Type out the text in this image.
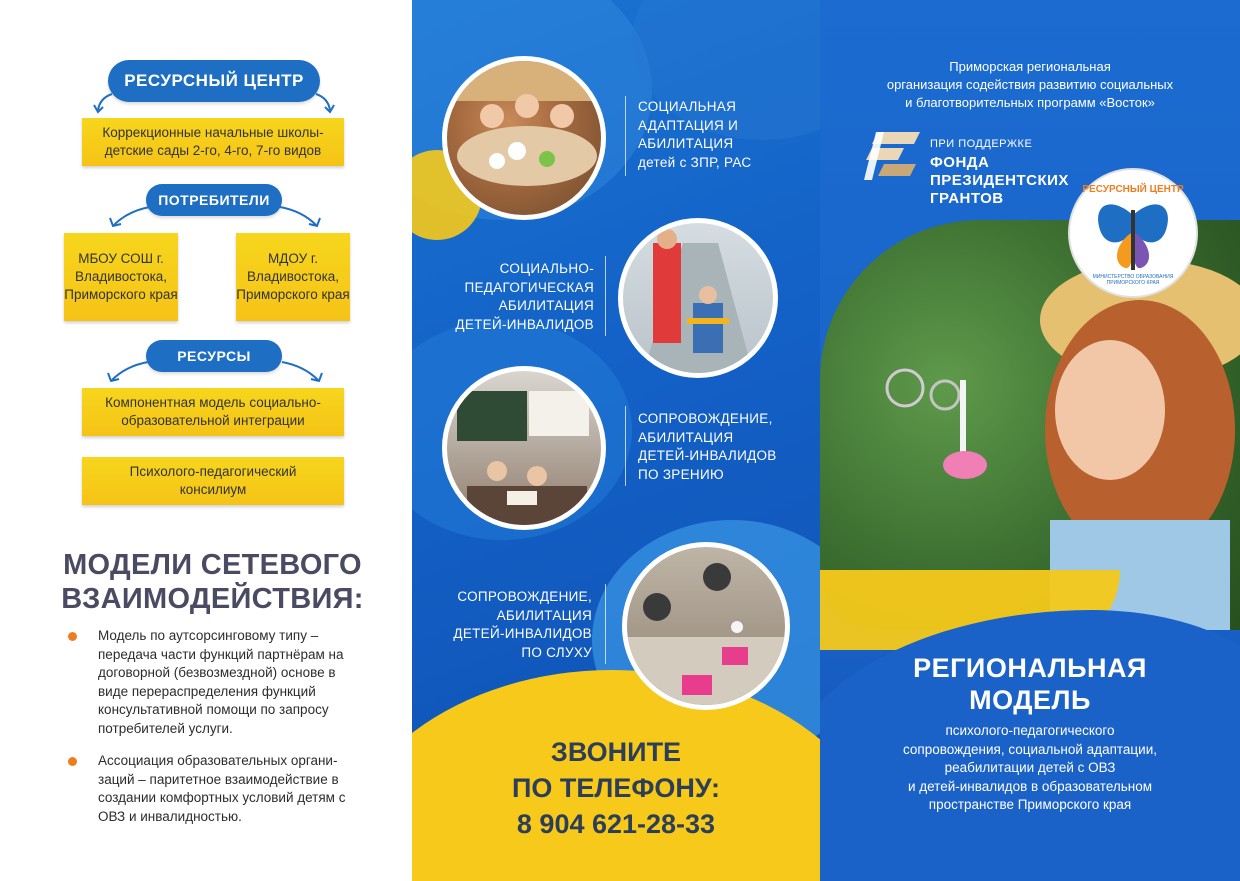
РЕСУРСНЫЙ ЦЕНТР
Коррекционные начальные школы-детские сады 2-го, 4-го, 7-го видов
ПОТРЕБИТЕЛИ
МБОУ СОШ г. Владивостока, Приморского края
МДОУ г. Владивостока, Приморского края
РЕСУРСЫ
Компонентная модель социально-образовательной интеграции
Психолого-педагогический консилиум
МОДЕЛИ СЕТЕВОГО ВЗАИМОДЕЙСТВИЯ:
Модель по аутсорсинговому типу – передача части функций партнёрам на договорной (безвозмездной) основе в виде перераспределения функций консультативной помощи по запросу потребителей услуги.
Ассоциация образовательных органи-заций – паритетное взаимодействие в создании комфортных условий детям с ОВЗ и инвалидностью.
СОЦИАЛЬНАЯ
АДАПТАЦИЯ И
АБИЛИТАЦИЯ
детей с ЗПР, РАС
СОЦИАЛЬНО-
ПЕДАГОГИЧЕСКАЯ
АБИЛИТАЦИЯ
ДЕТЕЙ-ИНВАЛИДОВ
СОПРОВОЖДЕНИЕ,
АБИЛИТАЦИЯ
ДЕТЕЙ-ИНВАЛИДОВ
ПО ЗРЕНИЮ
СОПРОВОЖДЕНИЕ,
АБИЛИТАЦИЯ
ДЕТЕЙ-ИНВАЛИДОВ
ПО СЛУХУ
ЗВОНИТЕ
ПО ТЕЛЕФОНУ:
8 904 621-28-33
Приморская региональная
организация содействия развитию социальных
и благотворительных программ «Восток»
ПРИ ПОДДЕРЖКЕ
ФОНДА
ПРЕЗИДЕНТСКИХ
ГРАНТОВ
РЕСУРСНЫЙ ЦЕНТР
МИНИСТЕРСТВО ОБРАЗОВАНИЯ ПРИМОРСКОГО КРАЯ
РЕГИОНАЛЬНАЯ
МОДЕЛЬ
психолого-педагогического
сопровождения, социальной адаптации,
реабилитации детей с ОВЗ
и детей-инвалидов в образовательном
пространстве Приморского края
